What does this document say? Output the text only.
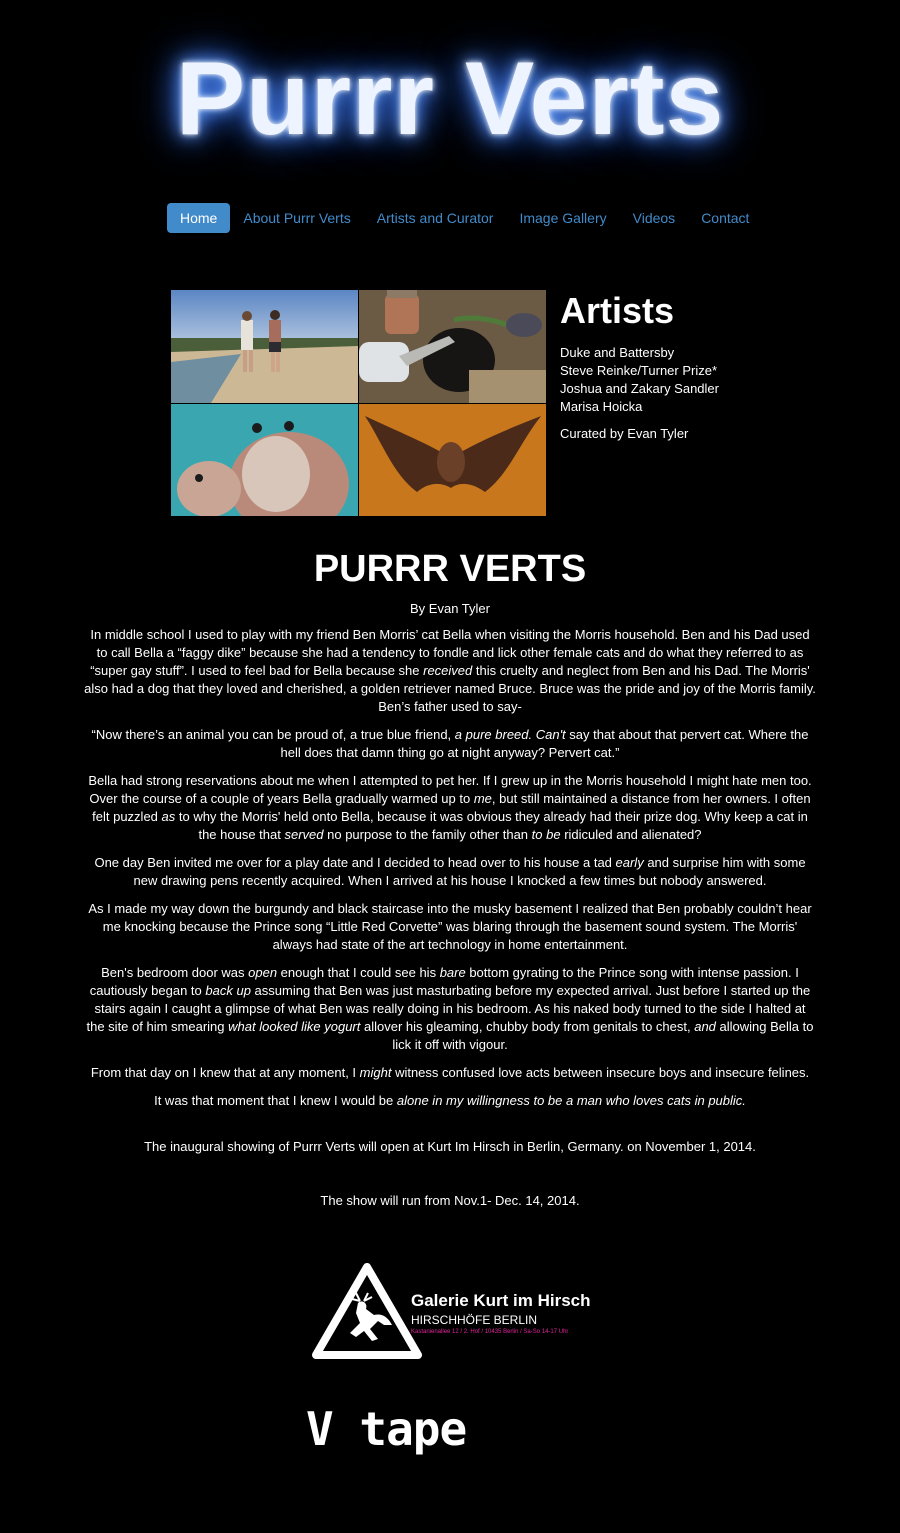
Purrr Verts
Home	About Purrr Verts	Artists and Curator	Image Gallery	Videos	Contact
Artists
Duke and Battersby
Steve Reinke/Turner Prize*
Joshua and Zakary Sandler
Marisa Hoicka
Curated by Evan Tyler
PURRR VERTS
By Evan Tyler

In middle school I used to play with my friend Ben Morris’ cat Bella when visiting the Morris household. Ben and his Dad used to call Bella a “faggy dike” because she had a tendency to fondle and lick other female cats and do what they referred to as “super gay stuff”. I used to feel bad for Bella because she received this cruelty and neglect from Ben and his Dad. The Morris' also had a dog that they loved and cherished, a golden retriever named Bruce. Bruce was the pride and joy of the Morris family. Ben’s father used to say-

“Now there’s an animal you can be proud of, a true blue friend, a pure breed. Can't say that about that pervert cat. Where the hell does that damn thing go at night anyway? Pervert cat.”

Bella had strong reservations about me when I attempted to pet her. If I grew up in the Morris household I might hate men too. Over the course of a couple of years Bella gradually warmed up to me, but still maintained a distance from her owners. I often felt puzzled as to why the Morris' held onto Bella, because it was obvious they already had their prize dog. Why keep a cat in the house that served no purpose to the family other than to be ridiculed and alienated?

One day Ben invited me over for a play date and I decided to head over to his house a tad early and surprise him with some new drawing pens recently acquired. When I arrived at his house I knocked a few times but nobody answered.

As I made my way down the burgundy and black staircase into the musky basement I realized that Ben probably couldn’t hear me knocking because the Prince song “Little Red Corvette” was blaring through the basement sound system. The Morris' always had state of the art technology in home entertainment.

Ben's bedroom door was open enough that I could see his bare bottom gyrating to the Prince song with intense passion. I cautiously began to back up assuming that Ben was just masturbating before my expected arrival. Just before I started up the stairs again I caught a glimpse of what Ben was really doing in his bedroom. As his naked body turned to the side I halted at the site of him smearing what looked like yogurt allover his gleaming, chubby body from genitals to chest, and allowing Bella to lick it off with vigour.

From that day on I knew that at any moment, I might witness confused love acts between insecure boys and insecure felines.

It was that moment that I knew I would be alone in my willingness to be a man who loves cats in public.

The inaugural showing of Purrr Verts will open at Kurt Im Hirsch in Berlin, Germany. on November 1, 2014.

The show will run from Nov.1- Dec. 14, 2014.

Galerie Kurt im Hirsch
HIRSCHHÖFE BERLIN
Kastanienallee 12 / 2. Hof / 10435 Berlin / Sa-So 14-17 Uhr
V tape
